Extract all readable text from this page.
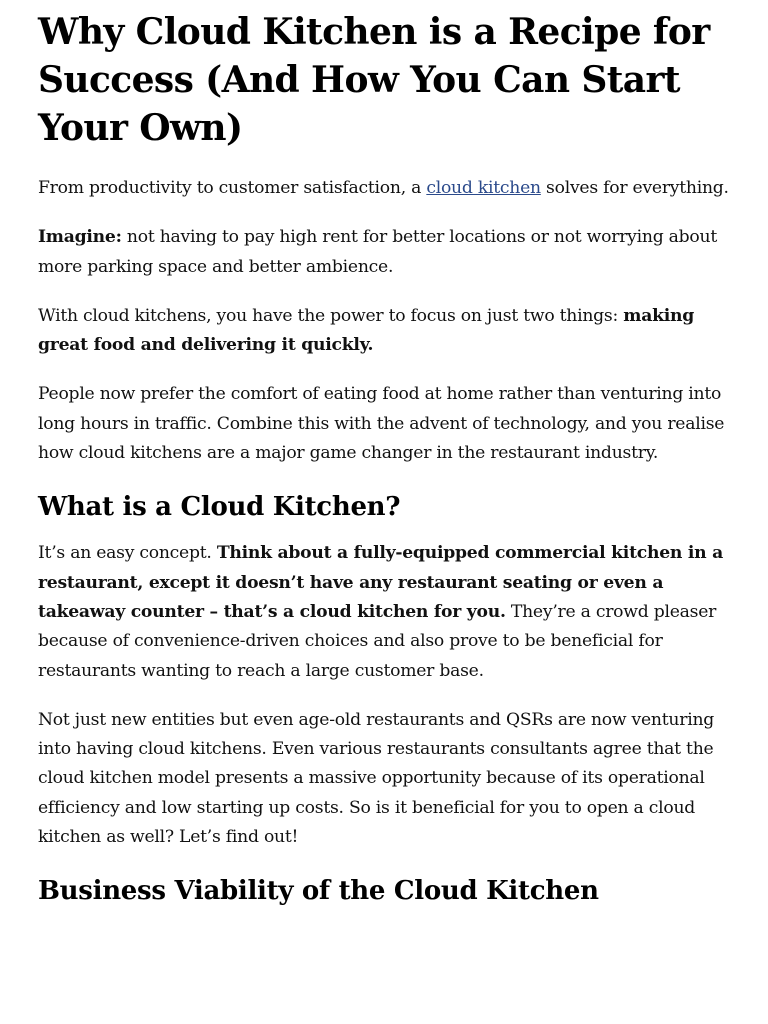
Why Cloud Kitchen is a Recipe for Success (And How You Can Start Your Own)

From productivity to customer satisfaction, a cloud kitchen solves for everything.

Imagine: not having to pay high rent for better locations or not worrying about more parking space and better ambience.

With cloud kitchens, you have the power to focus on just two things: making great food and delivering it quickly.

People now prefer the comfort of eating food at home rather than venturing into long hours in traffic. Combine this with the advent of technology, and you realise how cloud kitchens are a major game changer in the restaurant industry.

What is a Cloud Kitchen?

It’s an easy concept. Think about a fully-equipped commercial kitchen in a restaurant, except it doesn’t have any restaurant seating or even a takeaway counter – that’s a cloud kitchen for you. They’re a crowd pleaser because of convenience-driven choices and also prove to be beneficial for restaurants wanting to reach a large customer base.

Not just new entities but even age-old restaurants and QSRs are now venturing into having cloud kitchens. Even various restaurants consultants agree that the cloud kitchen model presents a massive opportunity because of its operational efficiency and low starting up costs. So is it beneficial for you to open a cloud kitchen as well? Let’s find out!

Business Viability of the Cloud Kitchen
